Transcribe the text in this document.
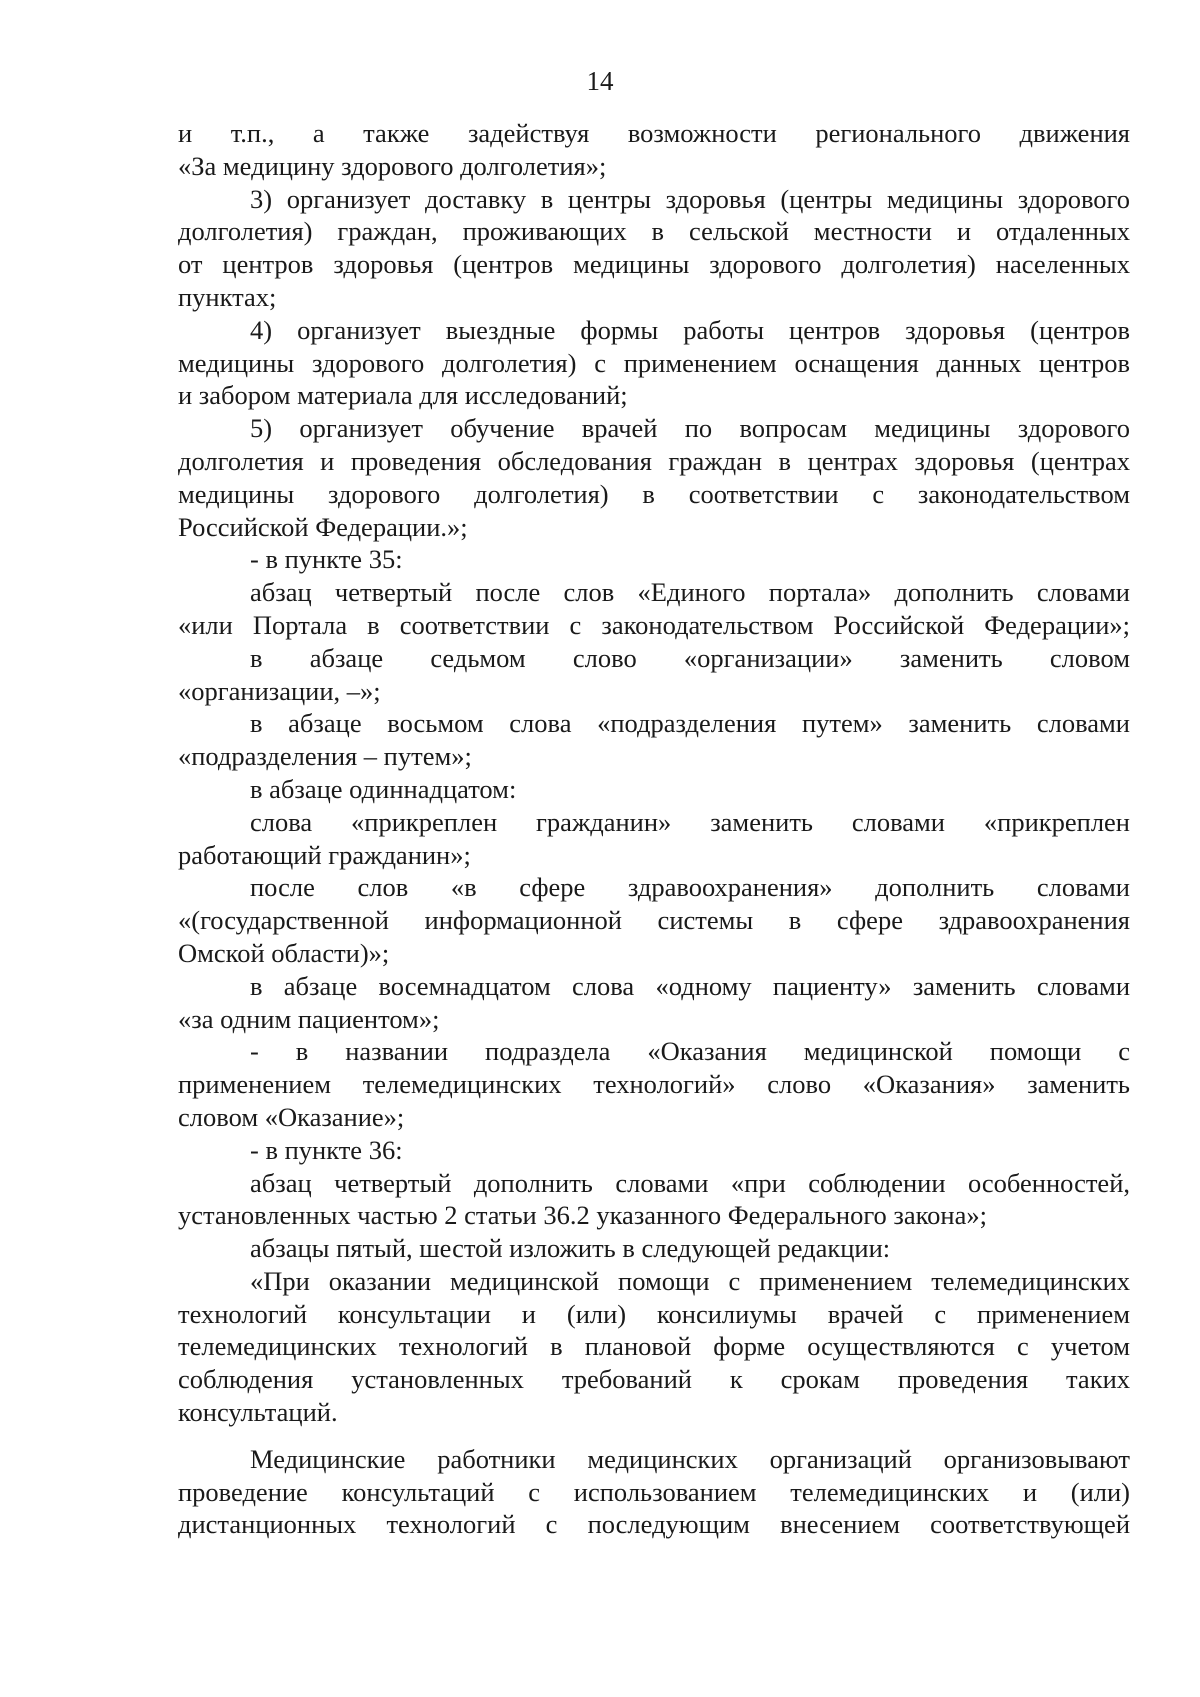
14
и т.п., а также задействуя возможности регионального движения
«За медицину здорового долголетия»;
3) организует доставку в центры здоровья (центры медицины здорового
долголетия) граждан, проживающих в сельской местности и отдаленных
от центров здоровья (центров медицины здорового долголетия) населенных
пунктах;
4) организует выездные формы работы центров здоровья (центров
медицины здорового долголетия) с применением оснащения данных центров
и забором материала для исследований;
5) организует обучение врачей по вопросам медицины здорового
долголетия и проведения обследования граждан в центрах здоровья (центрах
медицины здорового долголетия) в соответствии с законодательством
Российской Федерации.»;
- в пункте 35:
абзац четвертый после слов «Единого портала» дополнить словами
«или Портала в соответствии с законодательством Российской Федерации»;
в абзаце седьмом слово «организации» заменить словом
«организации, –»;
в абзаце восьмом слова «подразделения путем» заменить словами
«подразделения – путем»;
в абзаце одиннадцатом:
слова «прикреплен гражданин» заменить словами «прикреплен
работающий гражданин»;
после слов «в сфере здравоохранения» дополнить словами
«(государственной информационной системы в сфере здравоохранения
Омской области)»;
в абзаце восемнадцатом слова «одному пациенту» заменить словами
«за одним пациентом»;
- в названии подраздела «Оказания медицинской помощи с
применением телемедицинских технологий» слово «Оказания» заменить
словом «Оказание»;
- в пункте 36:
абзац четвертый дополнить словами «при соблюдении особенностей,
установленных частью 2 статьи 36.2 указанного Федерального закона»;
абзацы пятый, шестой изложить в следующей редакции:
«При оказании медицинской помощи с применением телемедицинских
технологий консультации и (или) консилиумы врачей с применением
телемедицинских технологий в плановой форме осуществляются с учетом
соблюдения установленных требований к срокам проведения таких
консультаций.
Медицинские работники медицинских организаций организовывают
проведение консультаций с использованием телемедицинских и (или)
дистанционных технологий с последующим внесением соответствующей
